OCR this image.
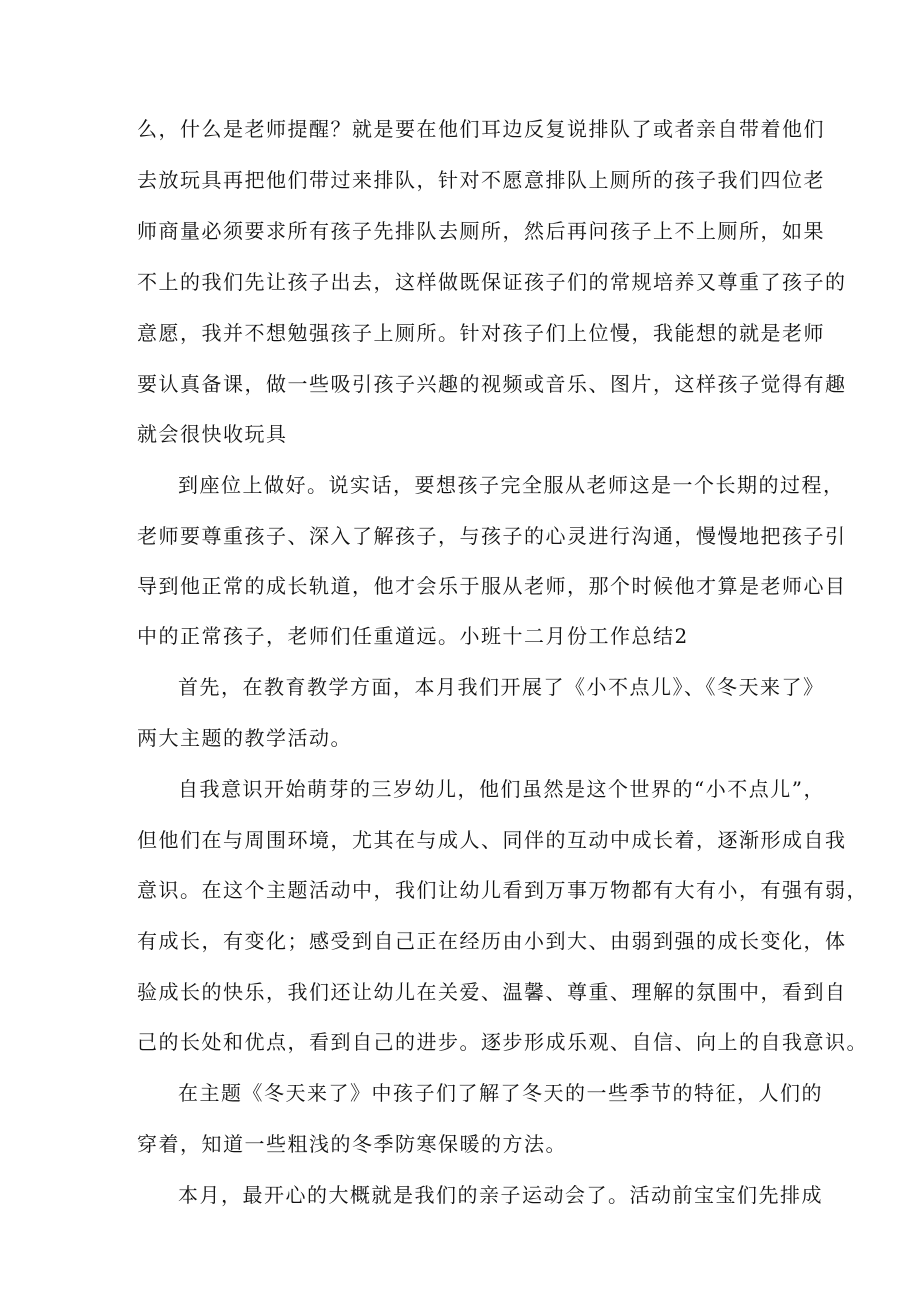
么，什么是老师提醒？就是要在他们耳边反复说排队了或者亲自带着他们
去放玩具再把他们带过来排队，针对不愿意排队上厕所的孩子我们四位老
师商量必须要求所有孩子先排队去厕所，然后再问孩子上不上厕所，如果
不上的我们先让孩子出去，这样做既保证孩子们的常规培养又尊重了孩子的
意愿，我并不想勉强孩子上厕所。针对孩子们上位慢，我能想的就是老师
要认真备课，做一些吸引孩子兴趣的视频或音乐、图片，这样孩子觉得有趣
就会很快收玩具
到座位上做好。说实话，要想孩子完全服从老师这是一个长期的过程，
老师要尊重孩子、深入了解孩子，与孩子的心灵进行沟通，慢慢地把孩子引
导到他正常的成长轨道，他才会乐于服从老师，那个时候他才算是老师心目
中的正常孩子，老师们任重道远。小班十二月份工作总结2
首先，在教育教学方面，本月我们开展了《小不点儿》、《冬天来了》
两大主题的教学活动。
自我意识开始萌芽的三岁幼儿，他们虽然是这个世界的“小不点儿”，
但他们在与周围环境，尤其在与成人、同伴的互动中成长着，逐渐形成自我
意识。在这个主题活动中，我们让幼儿看到万事万物都有大有小，有强有弱，
有成长，有变化；感受到自己正在经历由小到大、由弱到强的成长变化，体
验成长的快乐，我们还让幼儿在关爱、温馨、尊重、理解的氛围中，看到自
己的长处和优点，看到自己的进步。逐步形成乐观、自信、向上的自我意识。
在主题《冬天来了》中孩子们了解了冬天的一些季节的特征，人们的
穿着，知道一些粗浅的冬季防寒保暖的方法。
本月，最开心的大概就是我们的亲子运动会了。活动前宝宝们先排成
